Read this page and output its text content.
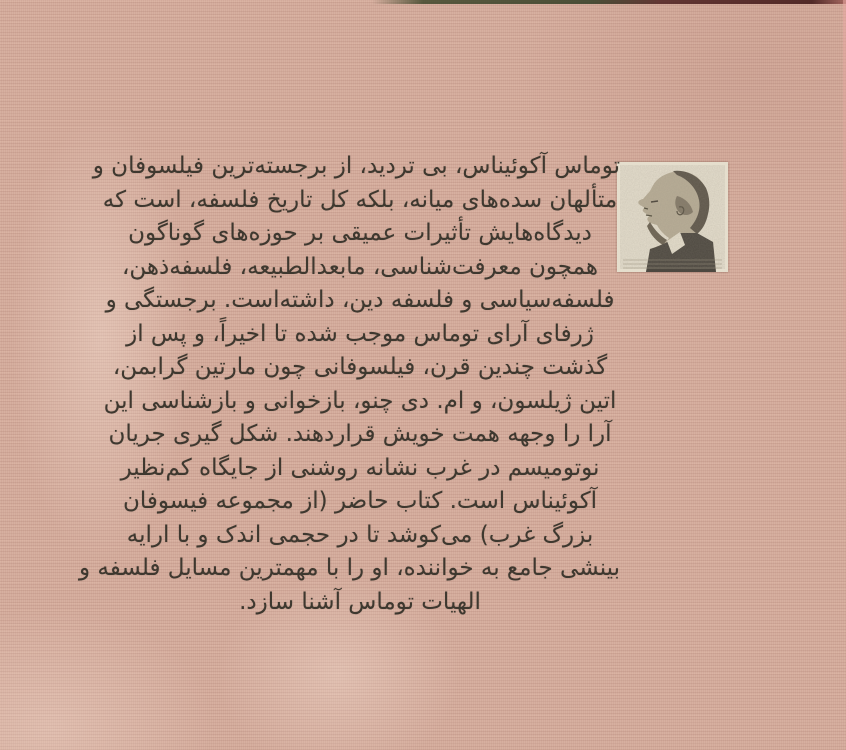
توماس آکوئیناس، بی تردید، از برجسته‌ترین فیلسوفان و
متألهان سده‌های میانه، بلکه کل تاریخ فلسفه، است که
دیدگاه‌هایش تأثیرات عمیقی بر حوزه‌های گوناگون
همچون معرفت‌شناسی، مابعدالطبیعه، فلسفه‌ذهن،
فلسفه‌سیاسی و فلسفه دین، داشته‌است. برجستگی و
ژرفای آرای توماس موجب شده تا اخیراً، و پس از
گذشت چندین قرن، فیلسوفانی چون مارتین گرابمن،
اتین ژیلسون، و ام. دی چنو، بازخوانی و بازشناسی این
آرا را وجهه همت خویش قراردهند. شکل گیری جریان
نوتومیسم در غرب نشانه روشنی از جایگاه کم‌نظیر
آکوئیناس است. کتاب حاضر (از مجموعه فیسوفان
بزرگ غرب) می‌کوشد تا در حجمی اندک و با ارایه
بینشی جامع به خواننده، او را با مهمترین مسایل فلسفه و
الهیات توماس آشنا سازد.
